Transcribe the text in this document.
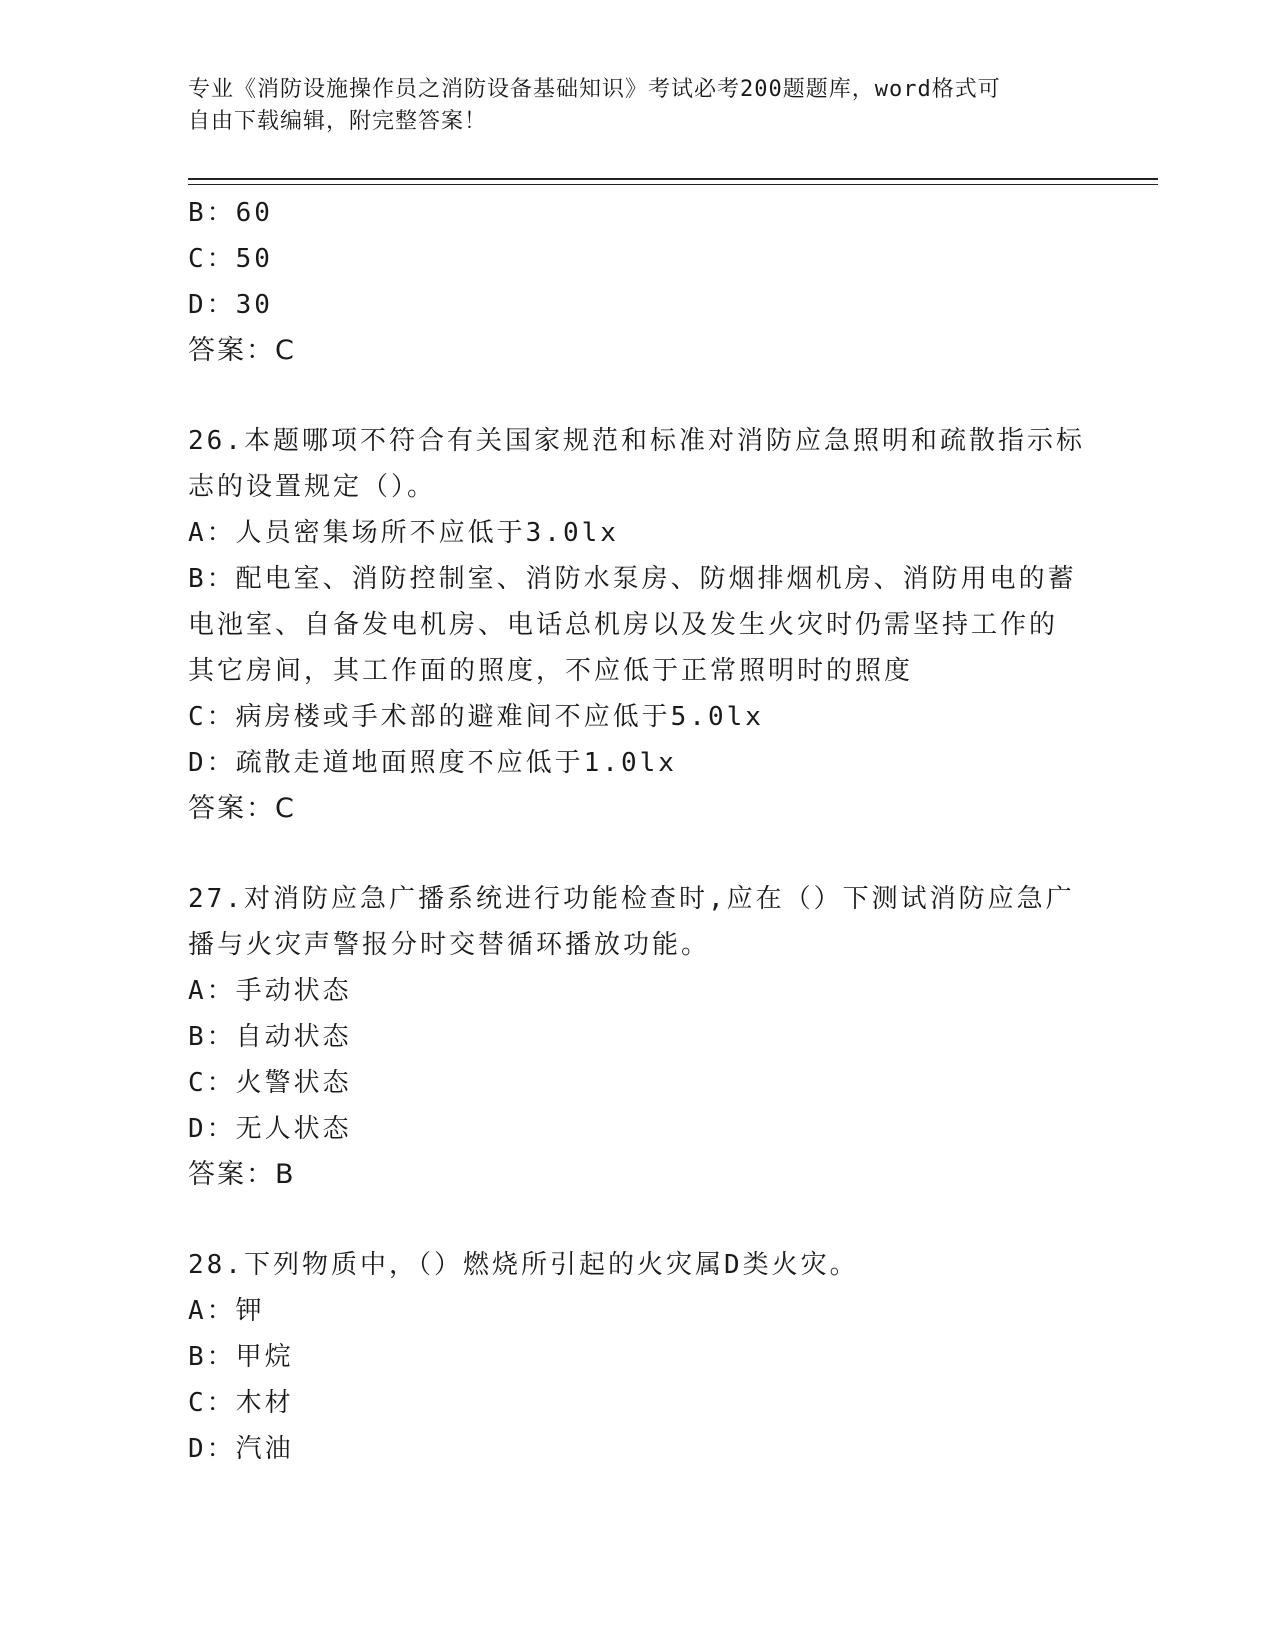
专业《消防设施操作员之消防设备基础知识》考试必考200题题库，word格式可
自由下载编辑，附完整答案！
B：60
C：50
D：30
答案：C
26.本题哪项不符合有关国家规范和标准对消防应急照明和疏散指示标
志的设置规定（）。
A：人员密集场所不应低于3.0lx
B：配电室、消防控制室、消防水泵房、防烟排烟机房、消防用电的蓄
电池室、自备发电机房、电话总机房以及发生火灾时仍需坚持工作的
其它房间，其工作面的照度，不应低于正常照明时的照度
C：病房楼或手术部的避难间不应低于5.0lx
D：疏散走道地面照度不应低于1.0lx
答案：C
27.对消防应急广播系统进行功能检查时,应在（）下测试消防应急广
播与火灾声警报分时交替循环播放功能。
A：手动状态
B：自动状态
C：火警状态
D：无人状态
答案：B
28.下列物质中，（）燃烧所引起的火灾属D类火灾。
A：钾
B：甲烷
C：木材
D：汽油
